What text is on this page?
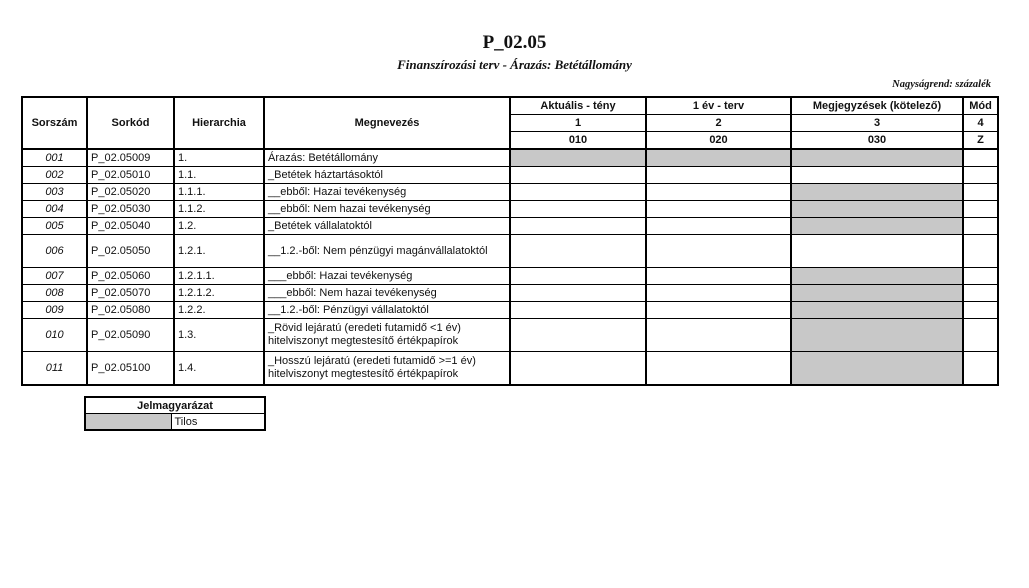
P_02.05
Finanszírozási terv - Árazás: Betétállomány
Nagyságrend: százalék
Sorszám	Sorkód	Hierarchia	Megnevezés	Aktuális - tény	1 év - terv	Megjegyzések (kötelező)	Mód
				1	2	3	4
				010	020	030	Z
001	P_02.05009	1.	Árazás: Betétállomány				
002	P_02.05010	1.1.	_Betétek háztartásoktól				
003	P_02.05020	1.1.1.	__ebből: Hazai tevékenység				
004	P_02.05030	1.1.2.	__ebből: Nem hazai tevékenység				
005	P_02.05040	1.2.	_Betétek vállalatoktól				
006	P_02.05050	1.2.1.	__1.2.-ből: Nem pénzügyi magánvállalatoktól				
007	P_02.05060	1.2.1.1.	___ebből: Hazai tevékenység				
008	P_02.05070	1.2.1.2.	___ebből: Nem hazai tevékenység				
009	P_02.05080	1.2.2.	__1.2.-ből: Pénzügyi vállalatoktól				
010	P_02.05090	1.3.	_Rövid lejáratú (eredeti futamidő <1 év) hitelviszonyt megtestesítő értékpapírok				
011	P_02.05100	1.4.	_Hosszú lejáratú (eredeti futamidő >=1 év) hitelviszonyt megtestesítő értékpapírok				
Jelmagyarázat
	Tilos
